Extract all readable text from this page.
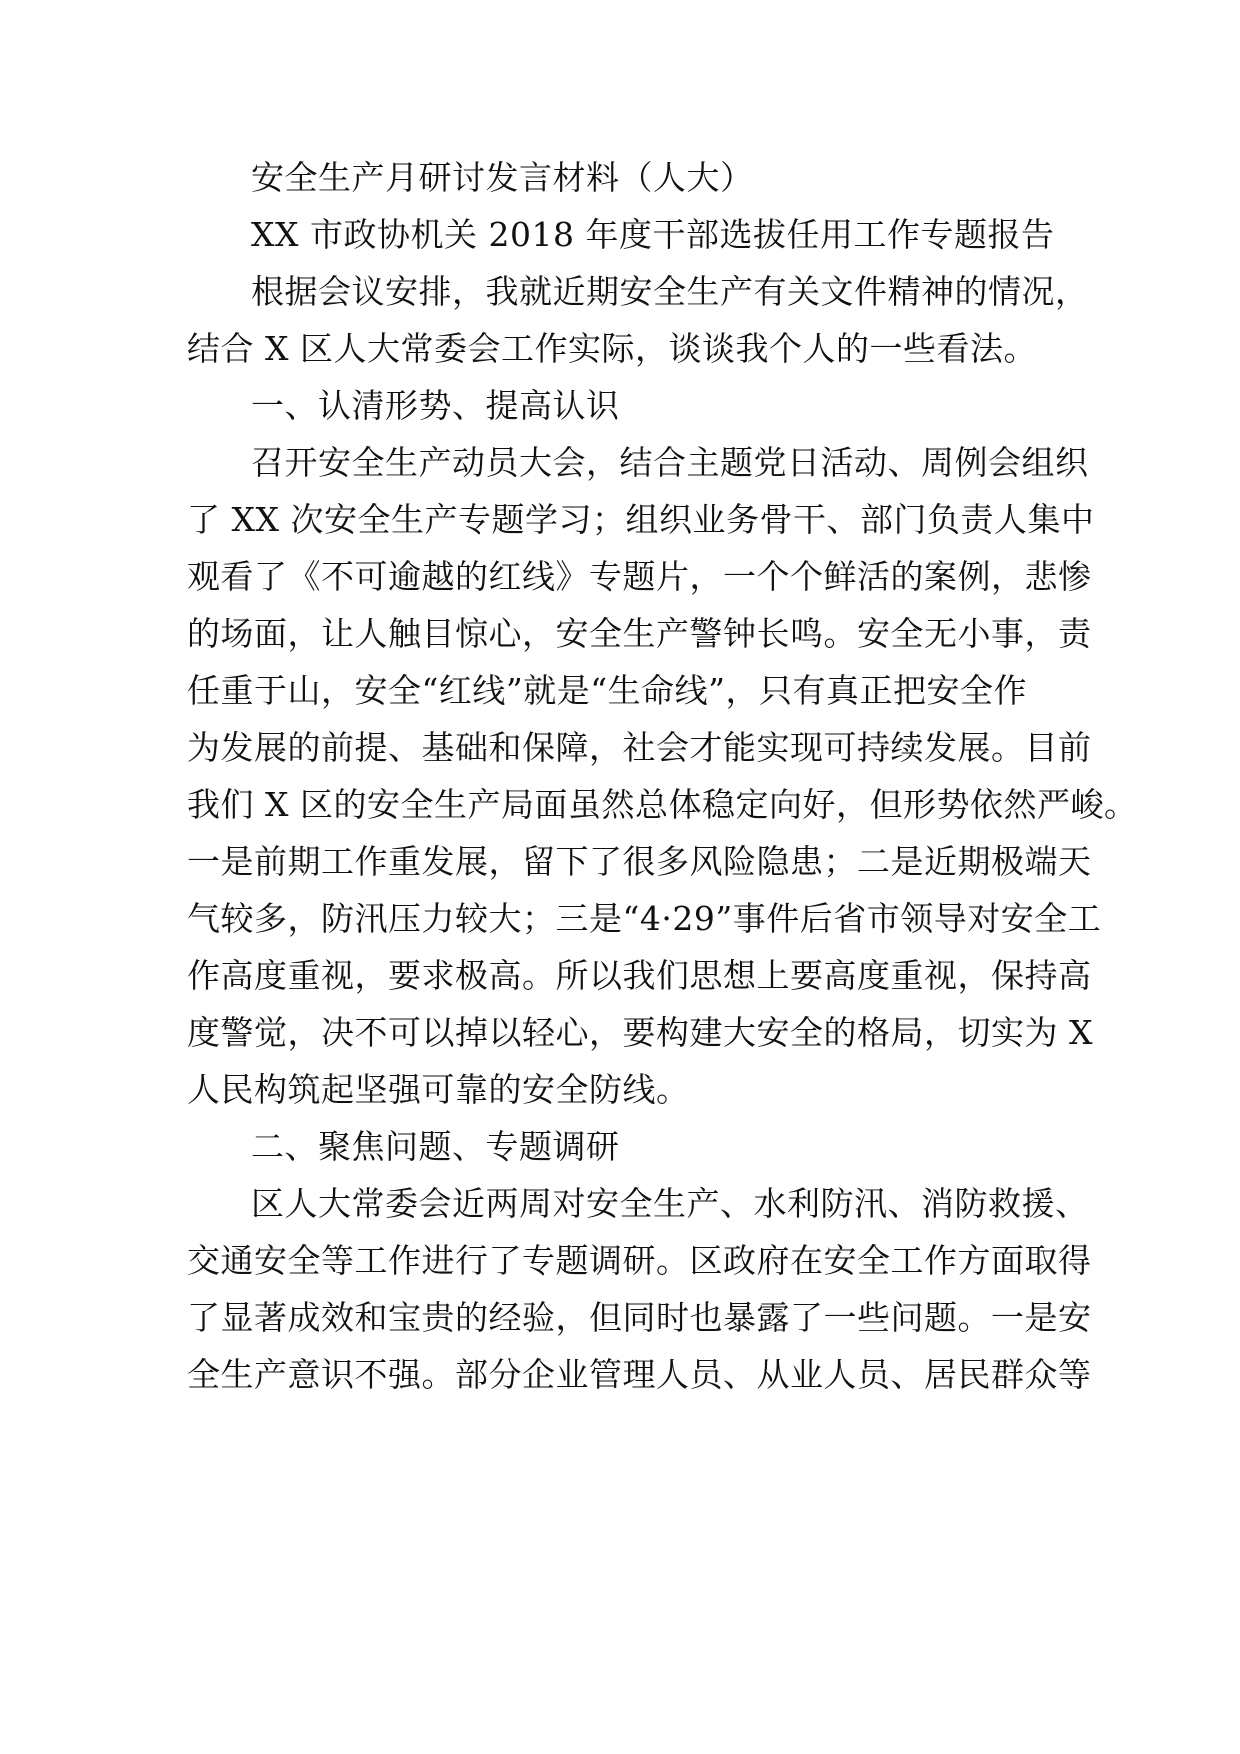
安全生产月研讨发言材料（人大）
XX 市政协机关 2018 年度干部选拔任用工作专题报告
根据会议安排，我就近期安全生产有关文件精神的情况，
结合 X 区人大常委会工作实际，谈谈我个人的一些看法。
一、认清形势、提高认识
召开安全生产动员大会，结合主题党日活动、周例会组织
了 XX 次安全生产专题学习；组织业务骨干、部门负责人集中
观看了《不可逾越的红线》专题片，一个个鲜活的案例，悲惨
的场面，让人触目惊心，安全生产警钟长鸣。安全无小事，责
任重于山，安全“红线”就是“生命线”，只有真正把安全作
为发展的前提、基础和保障，社会才能实现可持续发展。目前
我们 X 区的安全生产局面虽然总体稳定向好，但形势依然严峻。
一是前期工作重发展，留下了很多风险隐患；二是近期极端天
气较多，防汛压力较大；三是“4·29”事件后省市领导对安全工
作高度重视，要求极高。所以我们思想上要高度重视，保持高
度警觉，决不可以掉以轻心，要构建大安全的格局，切实为 X
人民构筑起坚强可靠的安全防线。
二、聚焦问题、专题调研
区人大常委会近两周对安全生产、水利防汛、消防救援、
交通安全等工作进行了专题调研。区政府在安全工作方面取得
了显著成效和宝贵的经验，但同时也暴露了一些问题。一是安
全生产意识不强。部分企业管理人员、从业人员、居民群众等
